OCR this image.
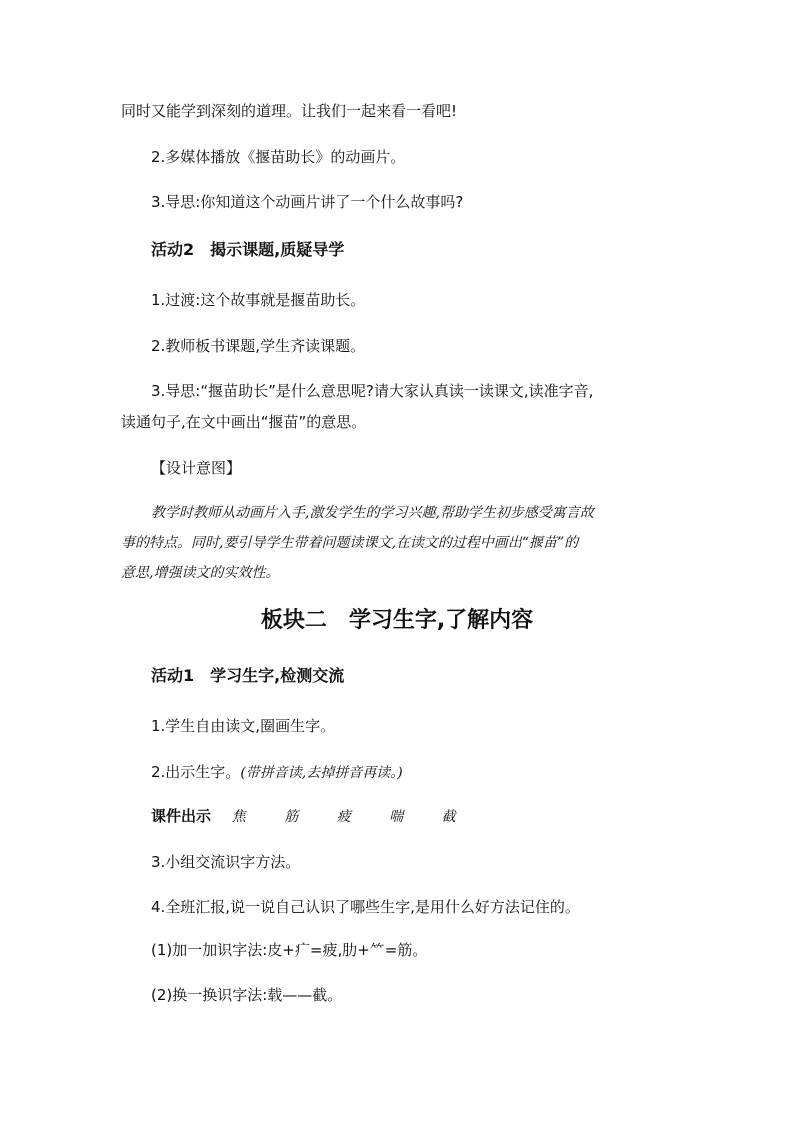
同时又能学到深刻的道理。让我们一起来看一看吧!
2.多媒体播放《揠苗助长》的动画片。
3.导思:你知道这个动画片讲了一个什么故事吗?
活动2　揭示课题,质疑导学
1.过渡:这个故事就是揠苗助长。
2.教师板书课题,学生齐读课题。
3.导思:“揠苗助长”是什么意思呢?请大家认真读一读课文,读准字音,
读通句子,在文中画出“揠苗”的意思。
【设计意图】
教学时教师从动画片入手,激发学生的学习兴趣,帮助学生初步感受寓言故
事的特点。同时,要引导学生带着问题读课文,在读文的过程中画出“揠苗”的
意思,增强读文的实效性。
板块二　学习生字,了解内容
活动1　学习生字,检测交流
1.学生自由读文,圈画生字。
2.出示生字。(带拼音读,去掉拼音再读。)
课件出示 焦	筋	疲	喘	截
3.小组交流识字方法。
4.全班汇报,说一说自己认识了哪些生字,是用什么好方法记住的。
(1)加一加识字法:皮+疒=疲,肋+⺮=筋。
(2)换一换识字法:载——截。
